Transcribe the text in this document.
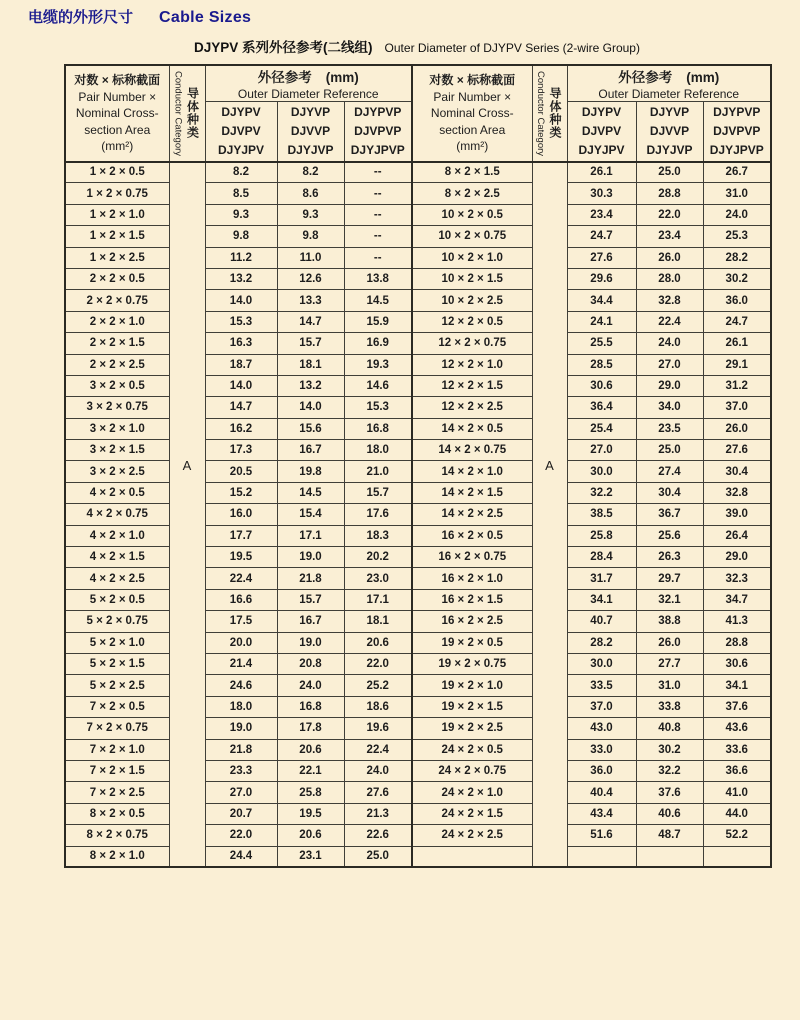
电缆的外形尺寸 Cable Sizes
DJYPV 系列外径参考(二线组) Outer Diameter of DJYPV Series (2-wire Group)
对数 × 标称截面
Pair Number ×
Nominal Cross-
section Area
(mm²)	Conductor Category 导体种类

外径参考 (mm)
Outer Diameter Reference

		DJYPV
DJVPV
DJYJPV	DJYVP
DJVVP
DJYJVP	DJYPVP
DJVPVP
DJYJPVP

1 × 2 × 0.5	$^A$	8.2	8.2	--
1 × 2 × 0.75		8.5	8.6	--
1 × 2 × 1.0		9.3	9.3	--
1 × 2 × 1.5		9.8	9.8	--
1 × 2 × 2.5		11.2	11.0	--
2 × 2 × 0.5		13.2	12.6	13.8
2 × 2 × 0.75		14.0	13.3	14.5
2 × 2 × 1.0		15.3	14.7	15.9
2 × 2 × 1.5		16.3	15.7	16.9
2 × 2 × 2.5		18.7	18.1	19.3
3 × 2 × 0.5		14.0	13.2	14.6
3 × 2 × 0.75		14.7	14.0	15.3
3 × 2 × 1.0		16.2	15.6	16.8
3 × 2 × 1.5		17.3	16.7	18.0
3 × 2 × 2.5		20.5	19.8	21.0
4 × 2 × 0.5		15.2	14.5	15.7
4 × 2 × 0.75		16.0	15.4	17.6
4 × 2 × 1.0		17.7	17.1	18.3
4 × 2 × 1.5		19.5	19.0	20.2
4 × 2 × 2.5		22.4	21.8	23.0
5 × 2 × 0.5		16.6	15.7	17.1
5 × 2 × 0.75		17.5	16.7	18.1
5 × 2 × 1.0		20.0	19.0	20.6
5 × 2 × 1.5		21.4	20.8	22.0
5 × 2 × 2.5		24.6	24.0	25.2
7 × 2 × 0.5		18.0	16.8	18.6
7 × 2 × 0.75		19.0	17.8	19.6
7 × 2 × 1.0		21.8	20.6	22.4
7 × 2 × 1.5		23.3	22.1	24.0
7 × 2 × 2.5		27.0	25.8	27.6
8 × 2 × 0.5		20.7	19.5	21.3
8 × 2 × 0.75		22.0	20.6	22.6
8 × 2 × 1.0		24.4	23.1	25.0
对数 × 标称截面
Pair Number ×
Nominal Cross-
section Area
(mm²)	Conductor Category 导体种类

外径参考 (mm)
Outer Diameter Reference

		DJYPV
DJVPV
DJYJPV	DJYVP
DJVVP
DJYJVP	DJYPVP
DJVPVP
DJYJPVP

8 × 2 × 1.5	$^A$	26.1	25.0	26.7
8 × 2 × 2.5		30.3	28.8	31.0
10 × 2 × 0.5		23.4	22.0	24.0
10 × 2 × 0.75		24.7	23.4	25.3
10 × 2 × 1.0		27.6	26.0	28.2
10 × 2 × 1.5		29.6	28.0	30.2
10 × 2 × 2.5		34.4	32.8	36.0
12 × 2 × 0.5		24.1	22.4	24.7
12 × 2 × 0.75		25.5	24.0	26.1
12 × 2 × 1.0		28.5	27.0	29.1
12 × 2 × 1.5		30.6	29.0	31.2
12 × 2 × 2.5		36.4	34.0	37.0
14 × 2 × 0.5		25.4	23.5	26.0
14 × 2 × 0.75		27.0	25.0	27.6
14 × 2 × 1.0		30.0	27.4	30.4
14 × 2 × 1.5		32.2	30.4	32.8
14 × 2 × 2.5		38.5	36.7	39.0
16 × 2 × 0.5		25.8	25.6	26.4
16 × 2 × 0.75		28.4	26.3	29.0
16 × 2 × 1.0		31.7	29.7	32.3
16 × 2 × 1.5		34.1	32.1	34.7
16 × 2 × 2.5		40.7	38.8	41.3
19 × 2 × 0.5		28.2	26.0	28.8
19 × 2 × 0.75		30.0	27.7	30.6
19 × 2 × 1.0		33.5	31.0	34.1
19 × 2 × 1.5		37.0	33.8	37.6
19 × 2 × 2.5		43.0	40.8	43.6
24 × 2 × 0.5		33.0	30.2	33.6
24 × 2 × 0.75		36.0	32.2	36.6
24 × 2 × 1.0		40.4	37.6	41.0
24 × 2 × 1.5		43.4	40.6	44.0
24 × 2 × 2.5		51.6	48.7	52.2
